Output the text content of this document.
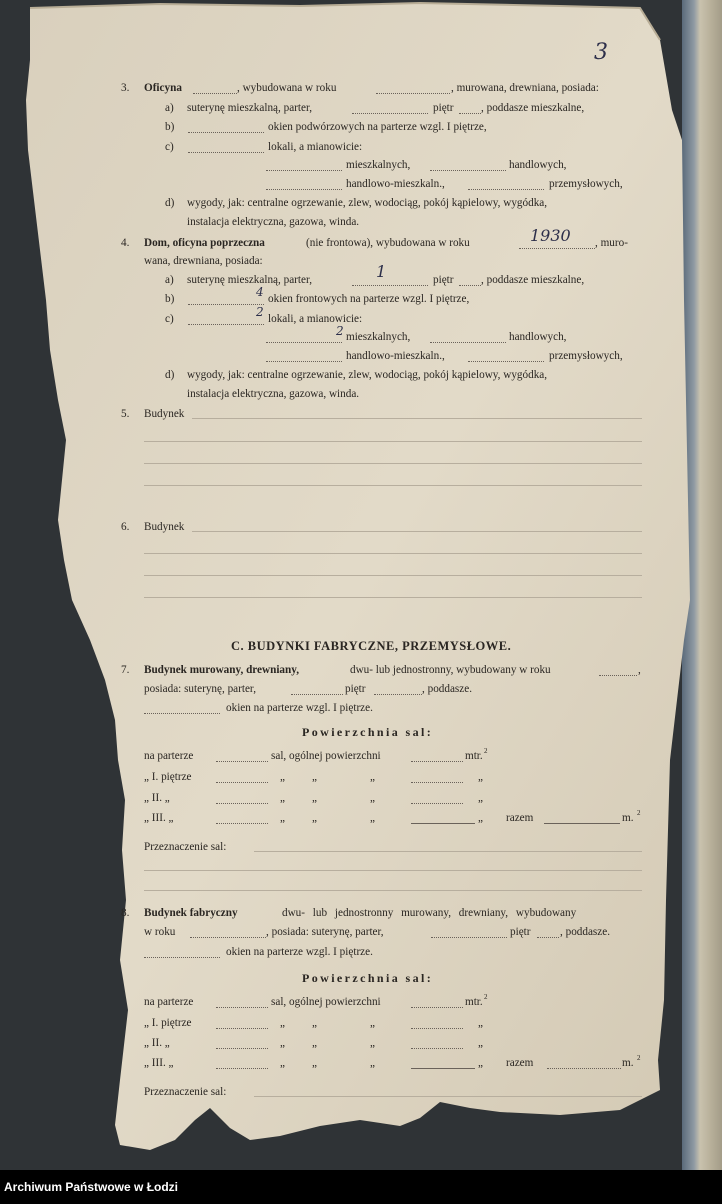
3
3. Oficyna	, wybudowana w roku	, murowana, drewniana, posiada:
a) suterynę mieszkalną, parter,	piętr , poddasze mieszkalne,
b)	okien podwórzowych na parterze wzgl. I piętrze,
c)	lokali, a mianowicie:
mieszkalnych,	handlowych,
handlowo-mieszkaln.,	przemysłowych,
d) wygody, jak: centralne ogrzewanie, zlew, wodociąg, pokój kąpielowy, wygódka,
instalacja elektryczna, gazowa, winda.
4. Dom, oficyna poprzeczna	(nie frontowa), wybudowana w roku	1930 , muro-
wana, drewniana, posiada:
a) suterynę mieszkalną, parter,	1	piętr , poddasze mieszkalne,
b)	4 okien frontowych na parterze wzgl. I piętrze,
c)	2 lokali, a mianowicie:
2 mieszkalnych,	handlowych,
handlowo-mieszkaln.,	przemysłowych,
d) wygody, jak: centralne ogrzewanie, zlew, wodociąg, pokój kąpielowy, wygódka,
instalacja elektryczna, gazowa, winda.
5. Budynek
6. Budynek
C. BUDYNKI FABRYCZNE, PRZEMYSŁOWE.
7. Budynek murowany, drewniany,	dwu- lub jednostronny, wybudowany w roku	,
posiada: suterynę, parter,	piętr	, poddasze.
okien na parterze wzgl. I piętrze.
Powierzchnia sal:
na parterze	sal, ogólnej powierzchni	mtr. 2
„ I. piętrze	„ „	„	„
„ II. „	„ „	„	„
„ III. „	„ „	„	„ razem	m. 2
Przeznaczenie sal:
8. Budynek fabryczny	dwu- lub jednostronny murowany, drewniany, wybudowany
w roku	, posiada: suterynę, parter,	piętr	, poddasze.
okien na parterze wzgl. I piętrze.
Powierzchnia sal:
na parterze	sal, ogólnej powierzchni	mtr. 2
„ I. piętrze	„ „	„	„
„ II. „	„ „	„	„
„ III. „	„ „	„	„ razem	m. 2
Przeznaczenie sal:
Archiwum Państwowe w Łodzi
